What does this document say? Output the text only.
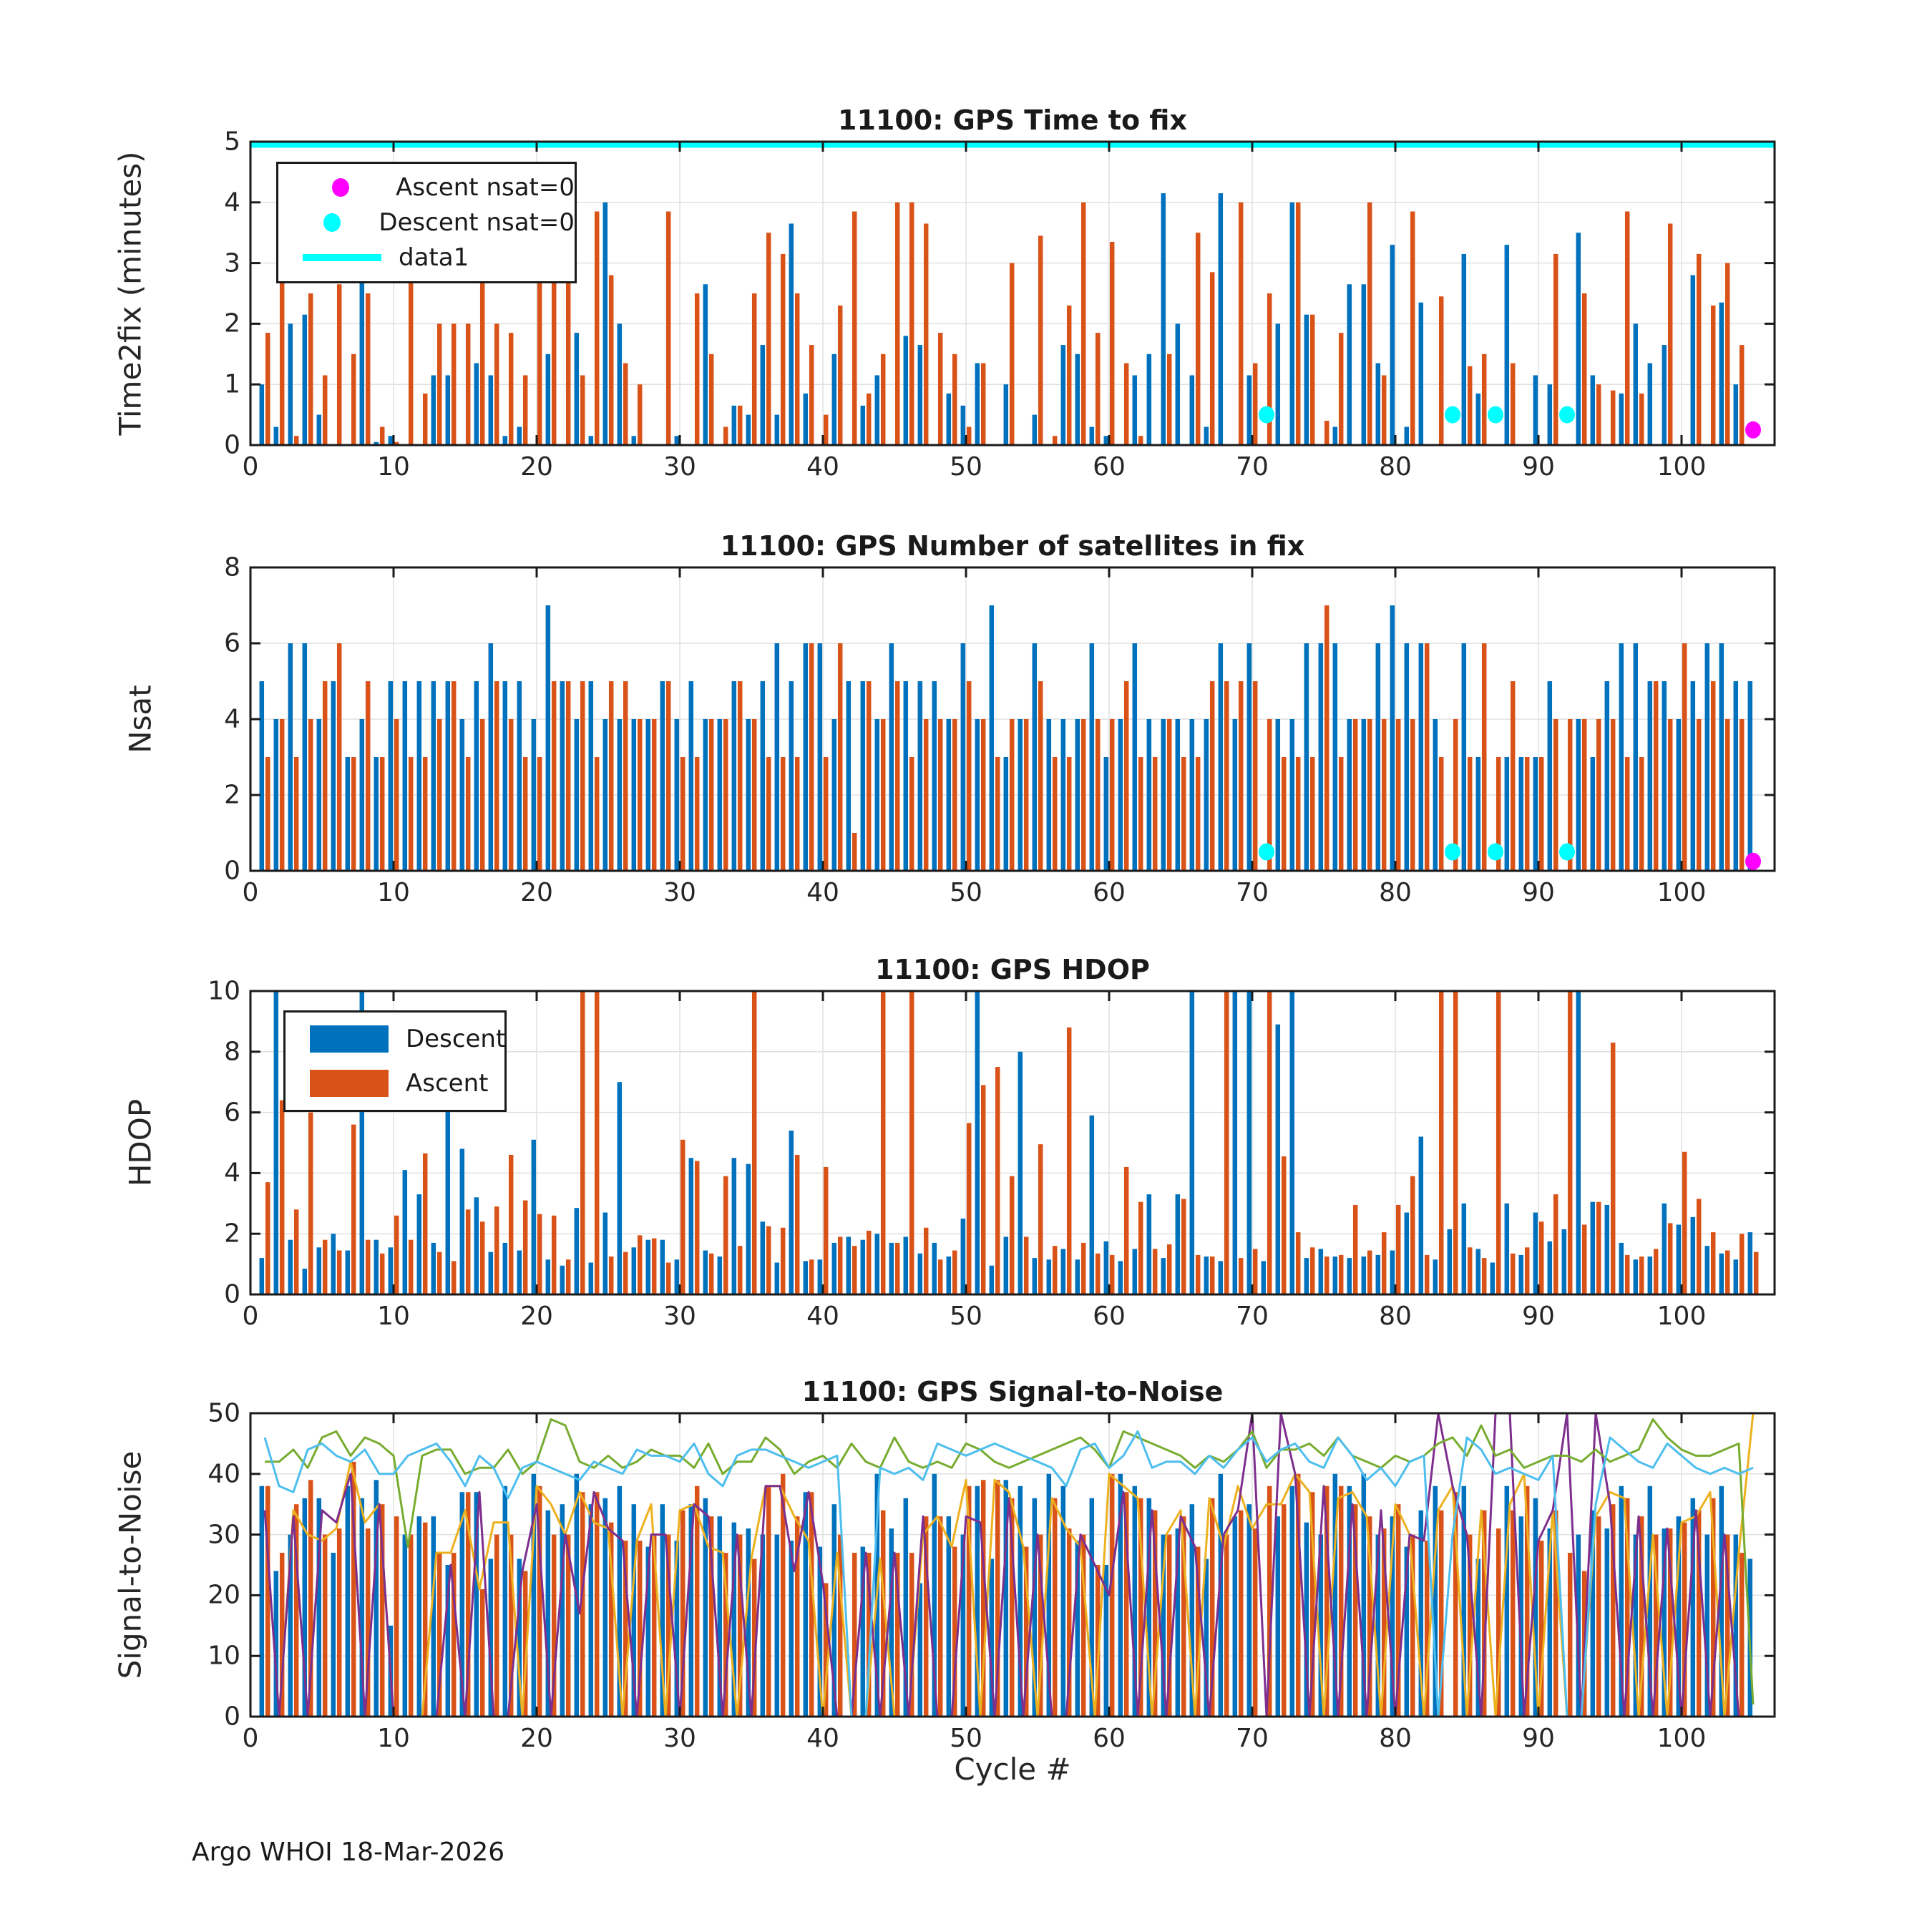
11100: GPS Time to fix
11100: GPS Number of satellites in fix
11100: GPS HDOP
11100: GPS Signal-to-Noise
Time2fix (minutes)
Nsat
HDOP
Signal-to-Noise
0	10	20	30	40	50	60	70	80	90	100
0
1
2
3
4
5
0	10	20	30	40	50	60	70	80	90	100
0
2
4
6
8
0	10	20	30	40	50	60	70	80	90	100
0
2
4
6
8
10
0	10	20	30	40	50	60	70	80	90	100
0
10
20
30
40
50
Ascent nsat=0
Descent nsat=0
data1
Descent
Ascent
Cycle #
Argo WHOI 18-Mar-2026
